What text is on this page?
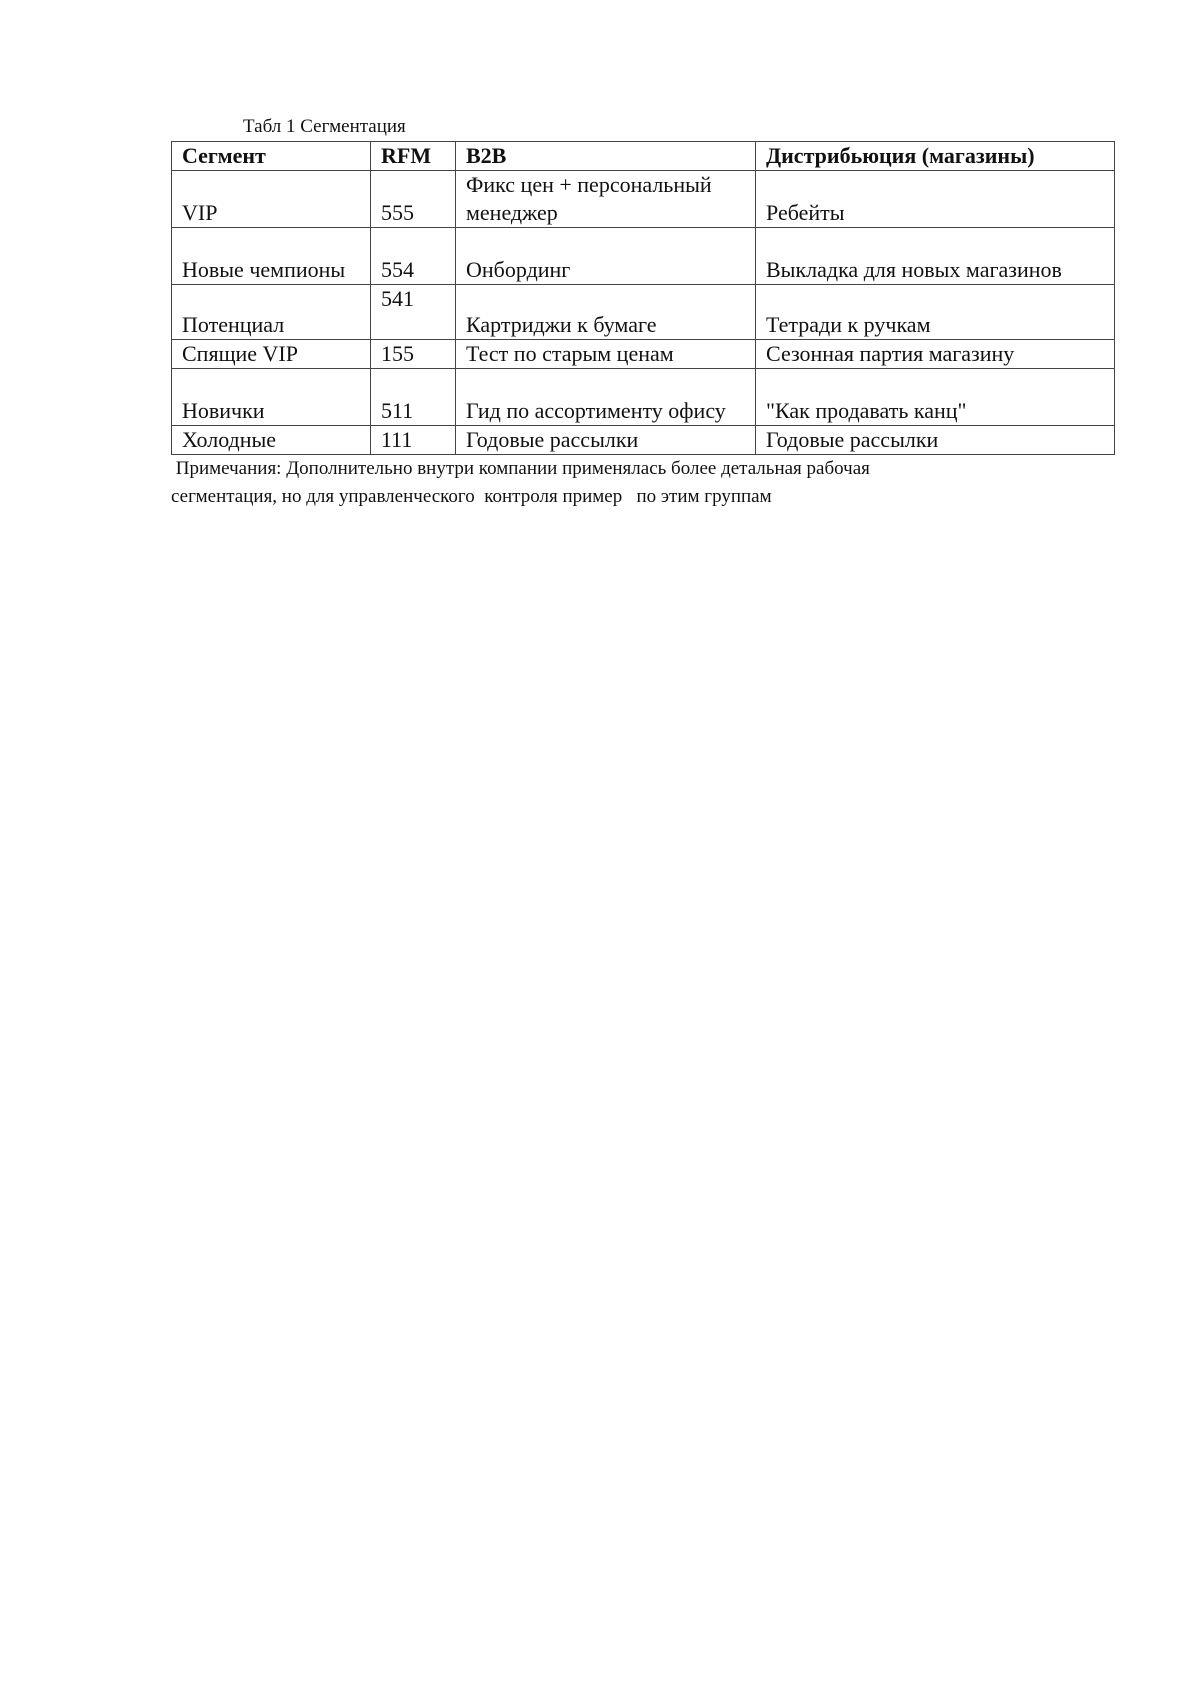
Табл 1 Сегментация
Сегмент	RFM	B2B	Дистрибьюция (магазины)
VIP	555	Фикс цен + персональный менеджер	Ребейты
Новые чемпионы	554	Онбординг	Выкладка для новых магазинов
Потенциал	541	Картриджи к бумаге	Тетради к ручкам
Спящие VIP	155	Тест по старым ценам	Сезонная партия магазину
Новички	511	Гид по ассортименту офису	"Как продавать канц"
Холодные	111	Годовые рассылки	Годовые рассылки
Примечания: Дополнительно внутри компании применялась более детальная рабочая
сегментация, но для управленческого  контроля пример   по этим группам
